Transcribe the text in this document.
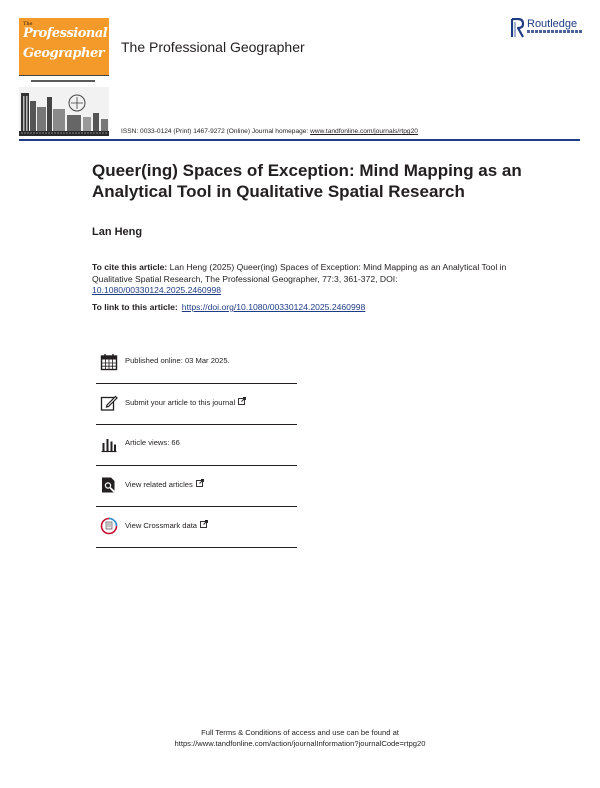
The
Professional
Geographer The Professional Geographer
Routledge
ISSN: 0033-0124 (Print) 1467-9272 (Online) Journal homepage: www.tandfonline.com/journals/rtpg20
Queer(ing) Spaces of Exception: Mind Mapping as an Analytical Tool in Qualitative Spatial Research
Lan Heng
To cite this article: Lan Heng (2025) Queer(ing) Spaces of Exception: Mind Mapping as an Analytical Tool in Qualitative Spatial Research, The Professional Geographer, 77:3, 361-372, DOI: 10.1080/00330124.2025.2460998
To link to this article: https://doi.org/10.1080/00330124.2025.2460998
Published online: 03 Mar 2025.
Submit your article to this journal
Article views: 66
View related articles
View Crossmark data
Full Terms & Conditions of access and use can be found at
https://www.tandfonline.com/action/journalInformation?journalCode=rtpg20
